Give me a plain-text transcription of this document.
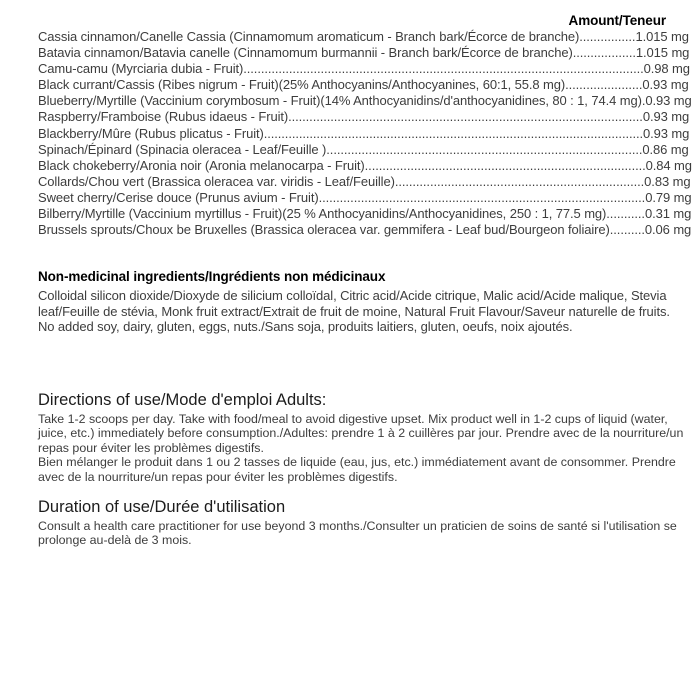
Amount/Teneur
Cassia cinnamon/Canelle Cassia (Cinnamomum aromaticum - Branch bark/Écorce de branche)................1.015 mg
Batavia cinnamon/Batavia canelle (Cinnamomum burmannii - Branch bark/Écorce de branche)..................1.015 mg
Camu-camu (Myrciaria dubia - Fruit)..................................................................................................................0.98 mg
Black currant/Cassis (Ribes nigrum - Fruit)(25% Anthocyanins/Anthocyanines, 60:1, 55.8 mg)......................0.93 mg
Blueberry/Myrtille (Vaccinium corymbosum - Fruit)(14% Anthocyanidins/d'anthocyanidines, 80 : 1, 74.4 mg).0.93 mg
Raspberry/Framboise (Rubus idaeus - Fruit).....................................................................................................0.93 mg
Blackberry/Mûre (Rubus plicatus - Fruit)............................................................................................................0.93 mg
Spinach/Épinard (Spinacia oleracea - Leaf/Feuille )..........................................................................................0.86 mg
Black chokeberry/Aronia noir (Aronia melanocarpa - Fruit)................................................................................0.84 mg
Collards/Chou vert (Brassica oleracea var. viridis - Leaf/Feuille).......................................................................0.83 mg
Sweet cherry/Cerise douce (Prunus avium - Fruit).............................................................................................0.79 mg
Bilberry/Myrtille (Vaccinium myrtillus - Fruit)(25 % Anthocyanidins/Anthocyanidines, 250 : 1, 77.5 mg)...........0.31 mg
Brussels sprouts/Choux be Bruxelles (Brassica oleracea var. gemmifera - Leaf bud/Bourgeon foliaire)..........0.06 mg
Non-medicinal ingredients/Ingrédients non médicinaux

Colloidal silicon dioxide/Dioxyde de silicium colloïdal, Citric acid/Acide citrique, Malic acid/Acide malique, Stevia leaf/Feuille de stévia, Monk fruit extract/Extrait de fruit de moine, Natural Fruit Flavour/Saveur naturelle de fruits.

No added soy, dairy, gluten, eggs, nuts./Sans soja, produits laitiers, gluten, oeufs, noix ajoutés.

Directions of use/Mode d'emploi Adults:

Take 1-2 scoops per day. Take with food/meal to avoid digestive upset. Mix product well in 1-2 cups of liquid (water, juice, etc.) immediately before consumption./Adultes: prendre 1 à 2 cuillères par jour. Prendre avec de la nourriture/un repas pour éviter les problèmes digestifs.

Bien mélanger le produit dans 1 ou 2 tasses de liquide (eau, jus, etc.) immédiatement avant de consommer. Prendre avec de la nourriture/un repas pour éviter les problèmes digestifs.

Duration of use/Durée d'utilisation

Consult a health care practitioner for use beyond 3 months./Consulter un praticien de soins de santé si l'utilisation se prolonge au-delà de 3 mois.
